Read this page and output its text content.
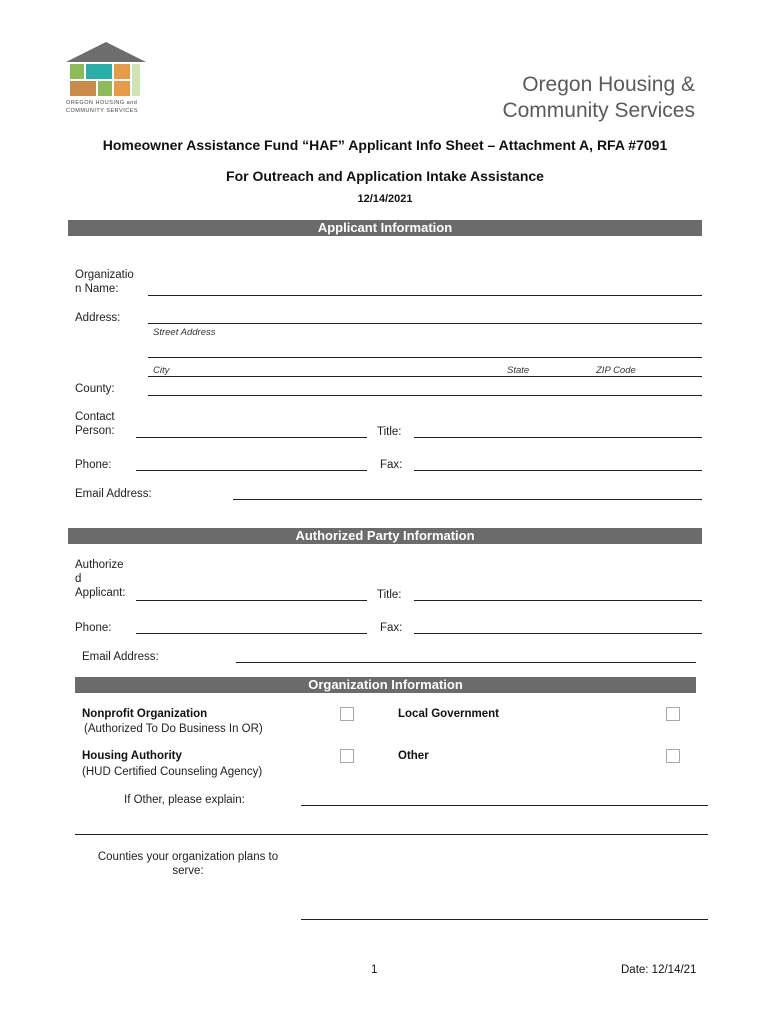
OREGON HOUSING and
COMMUNITY SERVICES
Oregon Housing &
Community Services
Homeowner Assistance Fund “HAF” Applicant Info Sheet – Attachment A, RFA #7091
For Outreach and Application Intake Assistance
12/14/2021
Applicant Information
Organizatio
n Name:
Address:
Street Address
City	State	ZIP Code
County:
Contact
Person:	Title:
Phone:	Fax:
Email Address:
Authorized Party Information
Authorize
d
Applicant:	Title:
Phone:	Fax:
Email Address:
Organization Information
Nonprofit Organization
(Authorized To Do Business In OR)
Local Government
Housing Authority
(HUD Certified Counseling Agency)
Other
If Other, please explain:
Counties your organization plans to
serve:
1	Date: 12/14/21
